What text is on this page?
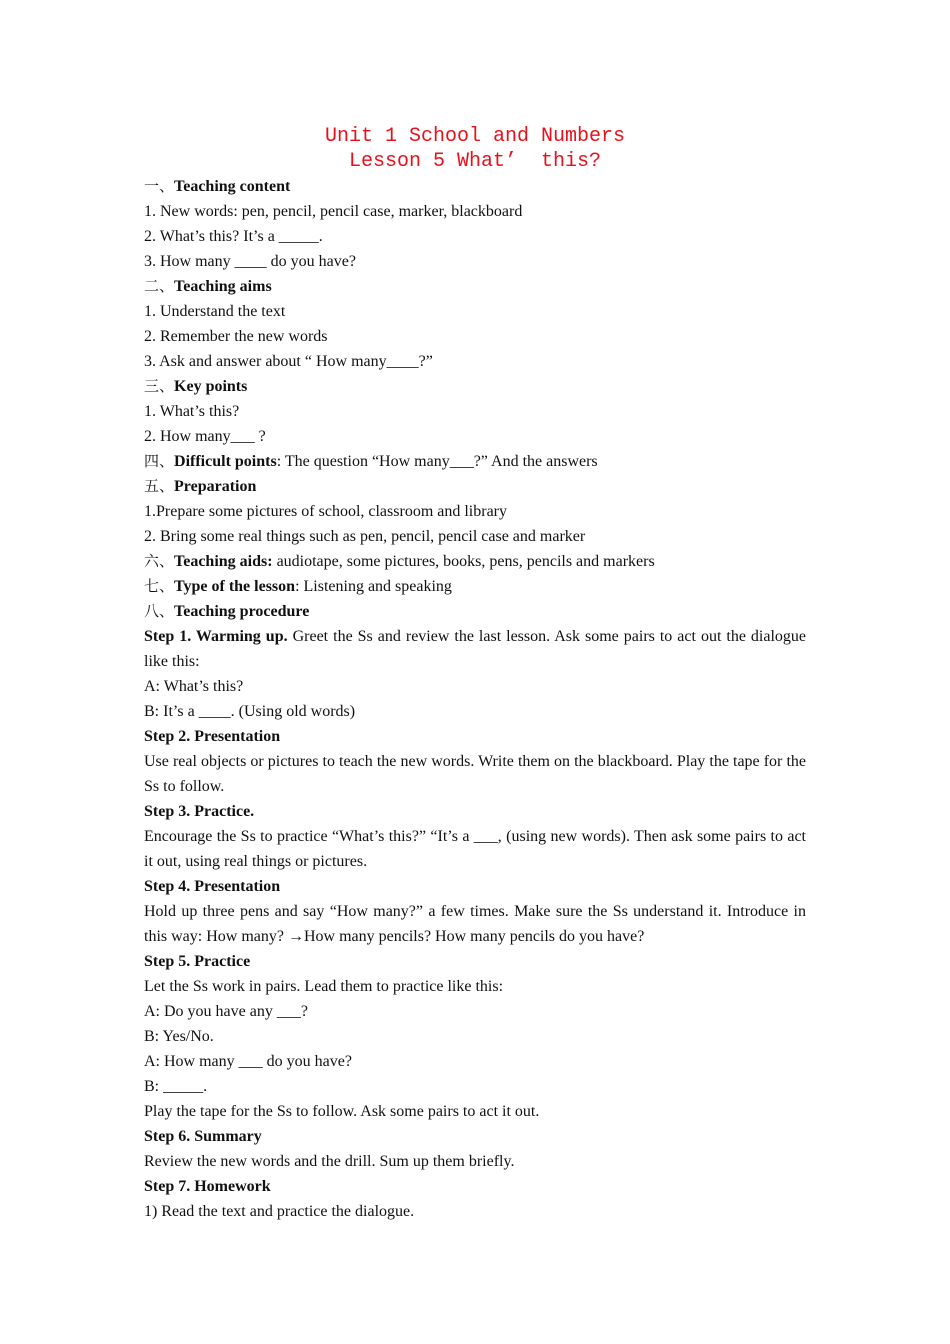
Unit 1 School and Numbers
Lesson 5 What’  this?

一、Teaching content

1. New words: pen, pencil, pencil case, marker, blackboard

2. What’s this? It’s a _____.

3. How many ____ do you have?

二、Teaching aims

1. Understand the text

2. Remember the new words

3. Ask and answer about “ How many____?”

三、Key points

1. What’s this?

2. How many___ ?

四、Difficult points: The question “How many___?” And the answers

五、Preparation

1.Prepare some pictures of school, classroom and library

2. Bring some real things such as pen, pencil, pencil case and marker

六、Teaching aids: audiotape, some pictures, books, pens, pencils and markers

七、Type of the lesson: Listening and speaking

八、Teaching procedure

Step 1. Warming up. Greet the Ss and review the last lesson. Ask some pairs to act out the dialogue like this:

A: What’s this?

B: It’s a ____. (Using old words)

Step 2. Presentation

Use real objects or pictures to teach the new words. Write them on the blackboard. Play the tape for the Ss to follow.

Step 3. Practice.

Encourage the Ss to practice “What’s this?” “It’s a ___, (using new words). Then ask some pairs to act it out, using real things or pictures.

Step 4. Presentation

Hold up three pens and say “How many?” a few times. Make sure the Ss understand it. Introduce in this way: How many? →How many pencils? How many pencils do you have?

Step 5. Practice

Let the Ss work in pairs. Lead them to practice like this:

A: Do you have any ___?

B: Yes/No.

A: How many ___ do you have?

B: _____.

Play the tape for the Ss to follow. Ask some pairs to act it out.

Step 6. Summary

Review the new words and the drill. Sum up them briefly.

Step 7. Homework

1) Read the text and practice the dialogue.
